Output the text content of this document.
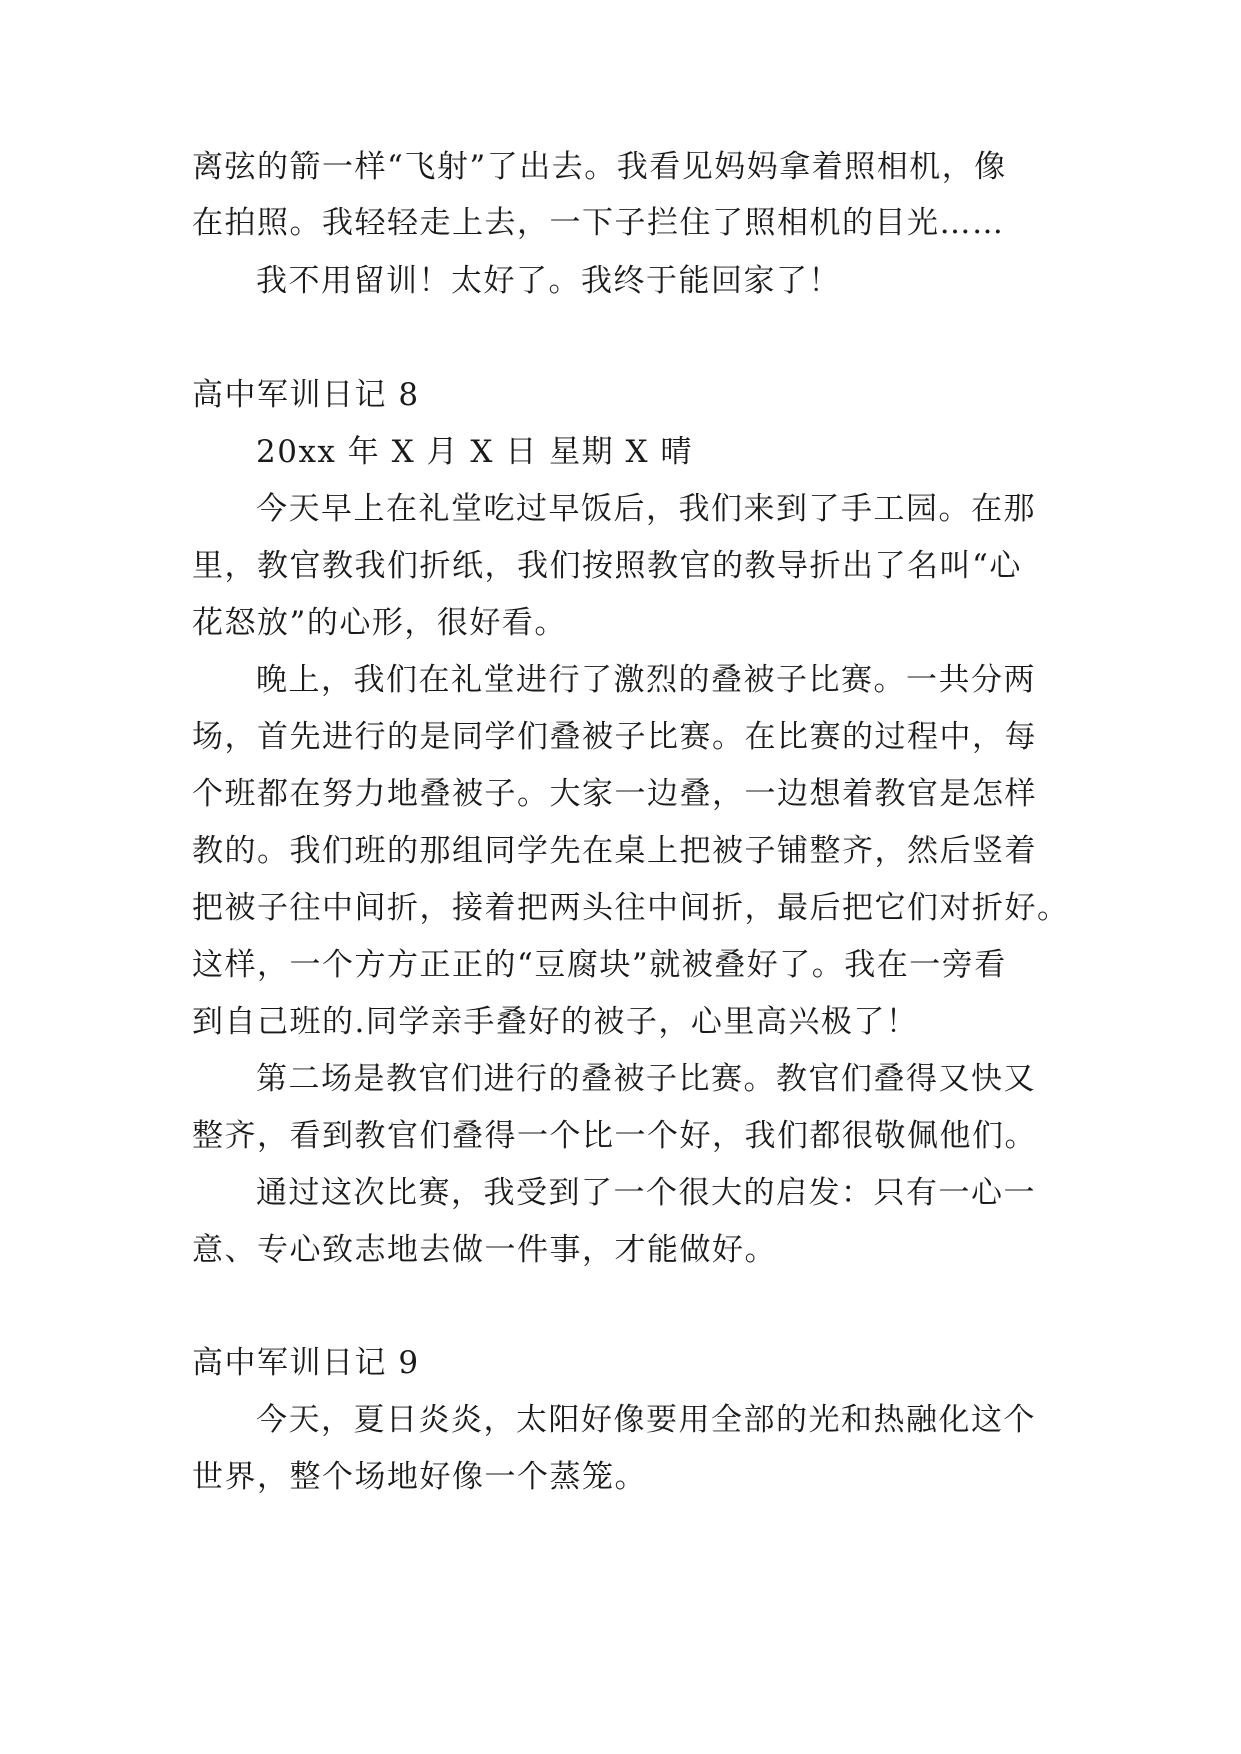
离弦的箭一样“飞射”了出去。我看见妈妈拿着照相机，像
在拍照。我轻轻走上去，一下子拦住了照相机的目光……
我不用留训！太好了。我终于能回家了！
高中军训日记 8
20xx 年 X 月 X 日 星期 X 晴
今天早上在礼堂吃过早饭后，我们来到了手工园。在那
里，教官教我们折纸，我们按照教官的教导折出了名叫“心
花怒放”的心形，很好看。
晚上，我们在礼堂进行了激烈的叠被子比赛。一共分两
场，首先进行的是同学们叠被子比赛。在比赛的过程中，每
个班都在努力地叠被子。大家一边叠，一边想着教官是怎样
教的。我们班的那组同学先在桌上把被子铺整齐，然后竖着
把被子往中间折，接着把两头往中间折，最后把它们对折好。
这样，一个方方正正的“豆腐块”就被叠好了。我在一旁看
到自己班的.同学亲手叠好的被子，心里高兴极了！
第二场是教官们进行的叠被子比赛。教官们叠得又快又
整齐，看到教官们叠得一个比一个好，我们都很敬佩他们。
通过这次比赛，我受到了一个很大的启发：只有一心一
意、专心致志地去做一件事，才能做好。
高中军训日记 9
今天，夏日炎炎，太阳好像要用全部的光和热融化这个
世界，整个场地好像一个蒸笼。
